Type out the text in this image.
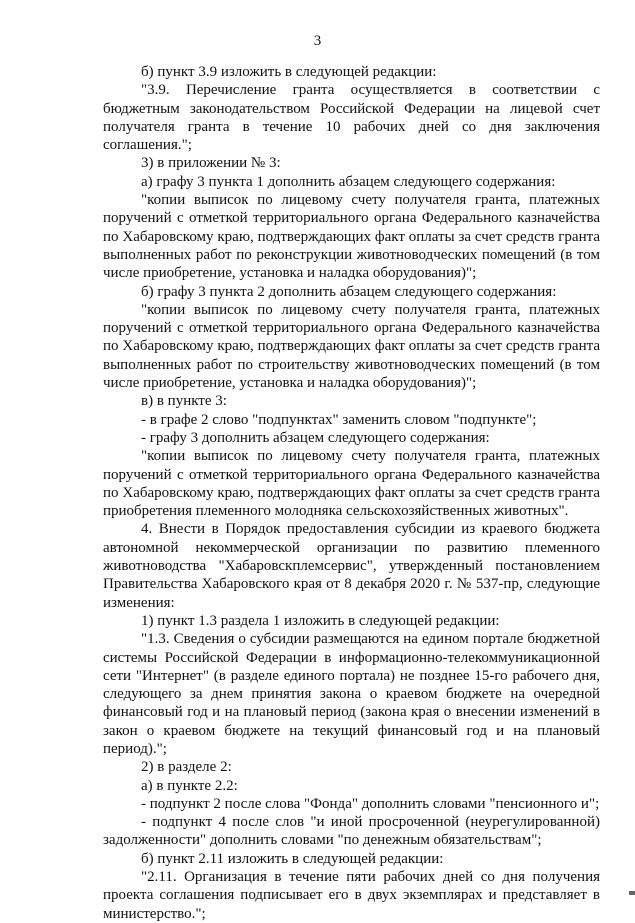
3

б) пункт 3.9 изложить в следующей редакции:

"3.9. Перечисление гранта осуществляется в соответствии с бюджетным законодательством Российской Федерации на лицевой счет получателя гранта в течение 10 рабочих дней со дня заключения соглашения.";

3) в приложении № 3:

а) графу 3 пункта 1 дополнить абзацем следующего содержания:

"копии выписок по лицевому счету получателя гранта, платежных поручений с отметкой территориального органа Федерального казначейства по Хабаровскому краю, подтверждающих факт оплаты за счет средств гранта выполненных работ по реконструкции животноводческих помещений (в том числе приобретение, установка и наладка оборудования)";

б) графу 3 пункта 2 дополнить абзацем следующего содержания:

"копии выписок по лицевому счету получателя гранта, платежных поручений с отметкой территориального органа Федерального казначейства по Хабаровскому краю, подтверждающих факт оплаты за счет средств гранта выполненных работ по строительству животноводческих помещений (в том числе приобретение, установка и наладка оборудования)";

в) в пункте 3:

- в графе 2 слово "подпунктах" заменить словом "подпункте";

- графу 3 дополнить абзацем следующего содержания:

"копии выписок по лицевому счету получателя гранта, платежных поручений с отметкой территориального органа Федерального казначейства по Хабаровскому краю, подтверждающих факт оплаты за счет средств гранта приобретения племенного молодняка сельскохозяйственных животных".

4. Внести в Порядок предоставления субсидии из краевого бюджета автономной некоммерческой организации по развитию племенного животноводства "Хабаровскплемсервис", утвержденный постановлением Правительства Хабаровского края от 8 декабря 2020 г. № 537-пр, следующие изменения:

1) пункт 1.3 раздела 1 изложить в следующей редакции:

"1.3. Сведения о субсидии размещаются на едином портале бюджетной системы Российской Федерации в информационно-телекоммуникационной сети "Интернет" (в разделе единого портала) не позднее 15-го рабочего дня, следующего за днем принятия закона о краевом бюджете на очередной финансовый год и на плановый период (закона края о внесении изменений в закон о краевом бюджете на текущий финансовый год и на плановый период).";

2) в разделе 2:

а) в пункте 2.2:

- подпункт 2 после слова "Фонда" дополнить словами "пенсионного и";

- подпункт 4 после слов "и иной просроченной (неурегулированной) задолженности" дополнить словами "по денежным обязательствам";

б) пункт 2.11 изложить в следующей редакции:

"2.11. Организация в течение пяти рабочих дней со дня получения проекта соглашения подписывает его в двух экземплярах и представляет в министерство.";
